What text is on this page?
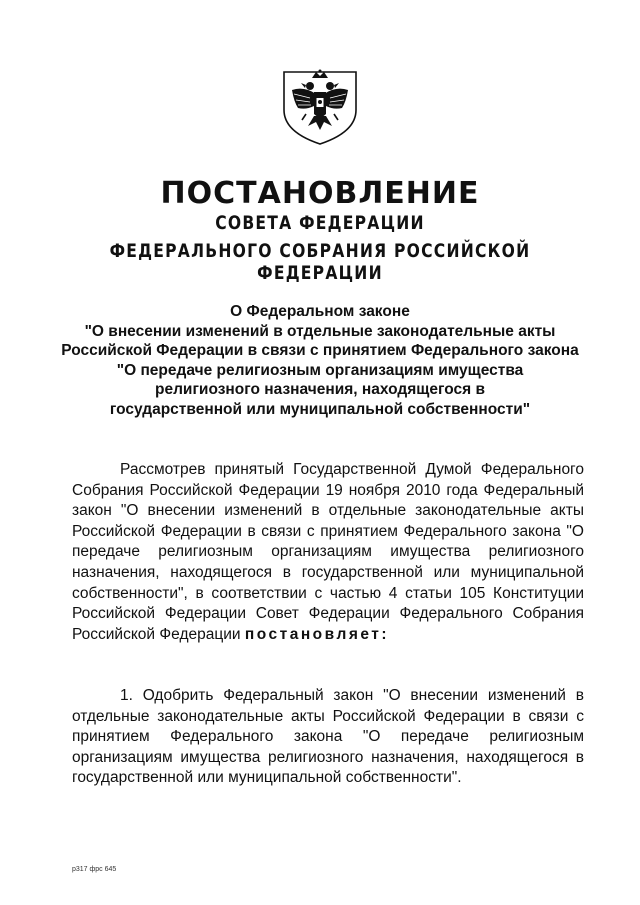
ПОСТАНОВЛЕНИЕ
СОВЕТА ФЕДЕРАЦИИ
ФЕДЕРАЛЬНОГО СОБРАНИЯ РОССИЙСКОЙ ФЕДЕРАЦИИ
О Федеральном законе
"О внесении изменений в отдельные законодательные акты
Российской Федерации в связи с принятием Федерального закона
"О передаче религиозным организациям имущества
религиозного назначения, находящегося в
государственной или муниципальной собственности"

Рассмотрев принятый Государственной Думой Федерального Собрания Российской Федерации 19 ноября 2010 года Федеральный закон "О внесении изменений в отдельные законодательные акты Российской Федерации в связи с принятием Федерального закона "О передаче религиозным организациям имущества религиозного назначения, находящегося в государственной или муниципальной собственности", в соответствии с частью 4 статьи 105 Конституции Российской Федерации Совет Федерации Федерального Собрания Российской Федерации постановляет:

1. Одобрить Федеральный закон "О внесении изменений в отдельные законодательные акты Российской Федерации в связи с принятием Федерального закона "О передаче религиозным организациям имущества религиозного назначения, находящегося в государственной или муниципальной собственности".

р317 фрс 645
